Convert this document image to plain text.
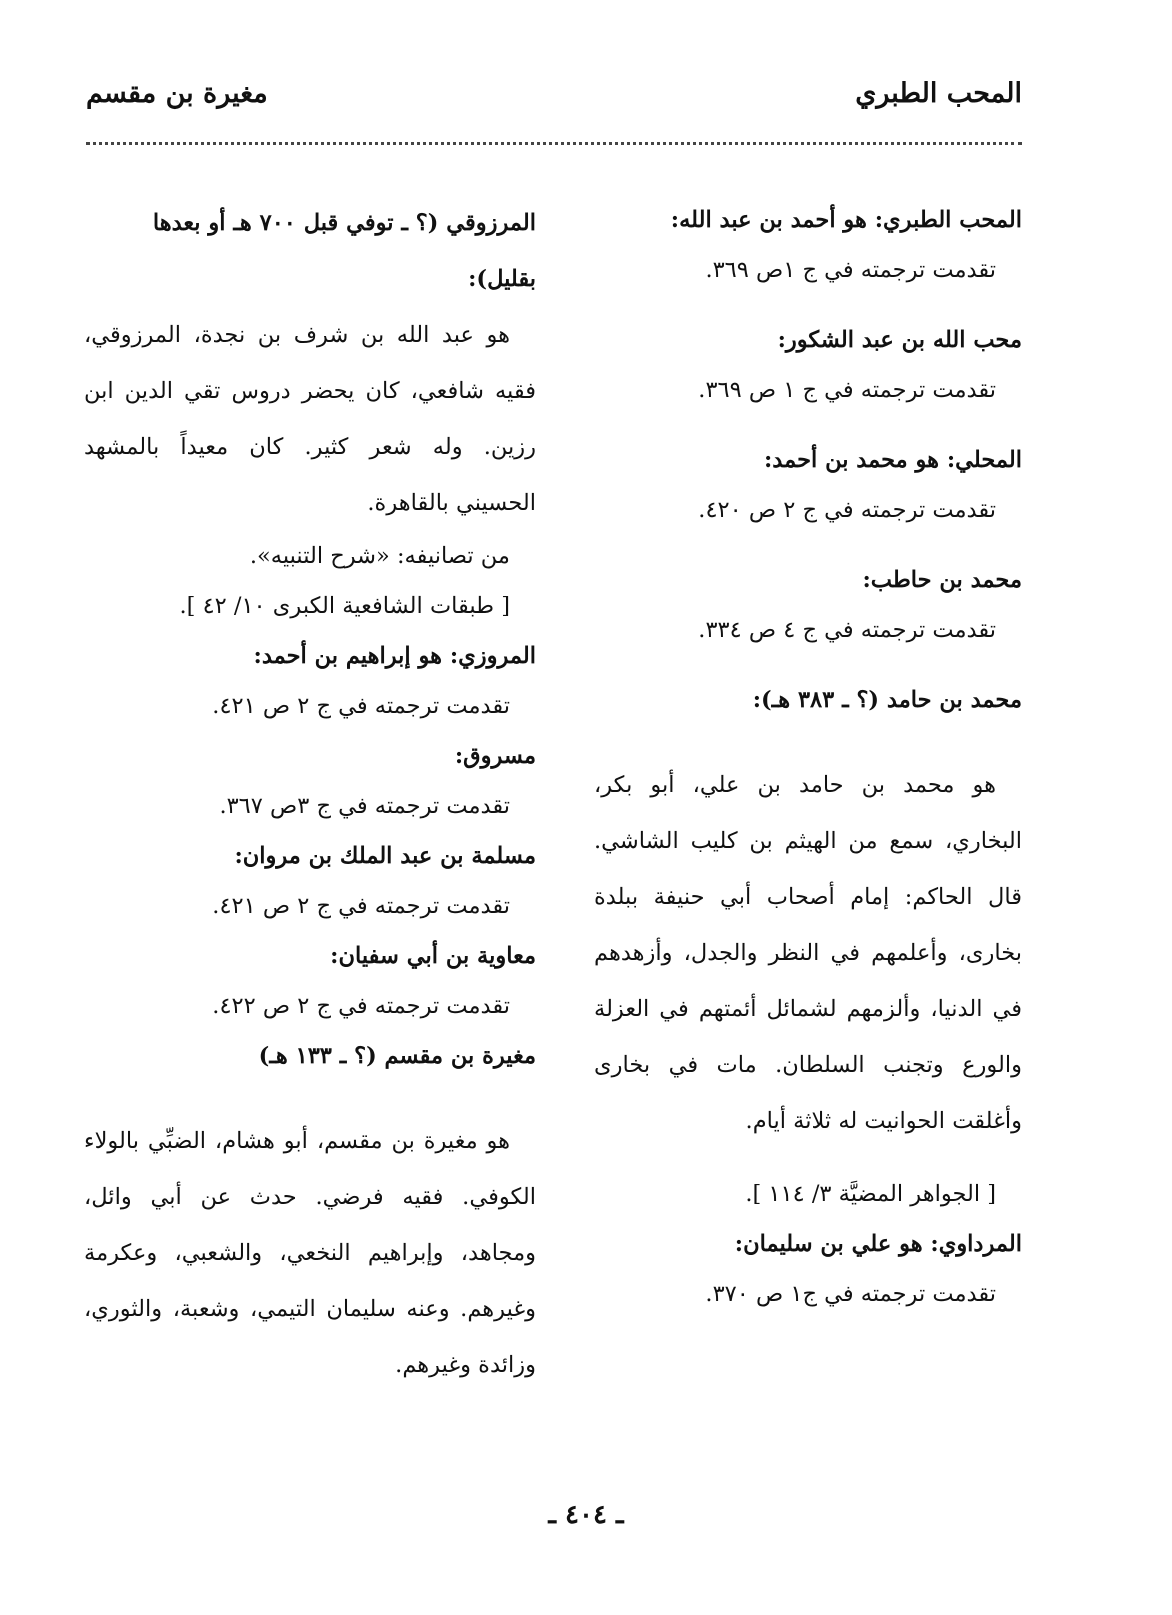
المحب الطبري
مغيرة بن مقسم
المحب الطبري: هو أحمد بن عبد الله:
تقدمت ترجمته في ج ١ص ٣٦٩.
محب الله بن عبد الشكور:
تقدمت ترجمته في ج ١ ص ٣٦٩.
المحلي: هو محمد بن أحمد:
تقدمت ترجمته في ج ٢ ص ٤٢٠.
محمد بن حاطب:
تقدمت ترجمته في ج ٤ ص ٣٣٤.
محمد بن حامد (؟ ـ ٣٨٣ هـ):
هو محمد بن حامد بن علي، أبو بكر، البخاري، سمع من الهيثم بن كليب الشاشي. قال الحاكم: إمام أصحاب أبي حنيفة ببلدة بخارى، وأعلمهم في النظر والجدل، وأزهدهم في الدنيا، وألزمهم لشمائل أئمتهم في العزلة والورع وتجنب السلطان. مات في بخارى وأغلقت الحوانيت له ثلاثة أيام.
[ الجواهر المضيَّة ٣/ ١١٤ ].
المرداوي: هو علي بن سليمان:
تقدمت ترجمته في ج١ ص ٣٧٠.
المرزوقي (؟ ـ توفي قبل ٧٠٠ هـ أو بعدها بقليل):
هو عبد الله بن شرف بن نجدة، المرزوقي، فقيه شافعي، كان يحضر دروس تقي الدين ابن رزين. وله شعر كثير. كان معيداً بالمشهد الحسيني بالقاهرة.
من تصانيفه: «شرح التنبيه».
[ طبقات الشافعية الكبرى ١٠/ ٤٢ ].
المروزي: هو إبراهيم بن أحمد:
تقدمت ترجمته في ج ٢ ص ٤٢١.
مسروق:
تقدمت ترجمته في ج ٣ص ٣٦٧.
مسلمة بن عبد الملك بن مروان:
تقدمت ترجمته في ج ٢ ص ٤٢١.
معاوية بن أبي سفيان:
تقدمت ترجمته في ج ٢ ص ٤٢٢.
مغيرة بن مقسم (؟ ـ ١٣٣ هـ)
هو مغيرة بن مقسم، أبو هشام، الضبِّي بالولاء الكوفي. فقيه فرضي. حدث عن أبي وائل، ومجاهد، وإبراهيم النخعي، والشعبي، وعكرمة وغيرهم. وعنه سليمان التيمي، وشعبة، والثوري، وزائدة وغيرهم.
ـ ٤٠٤ ـ
